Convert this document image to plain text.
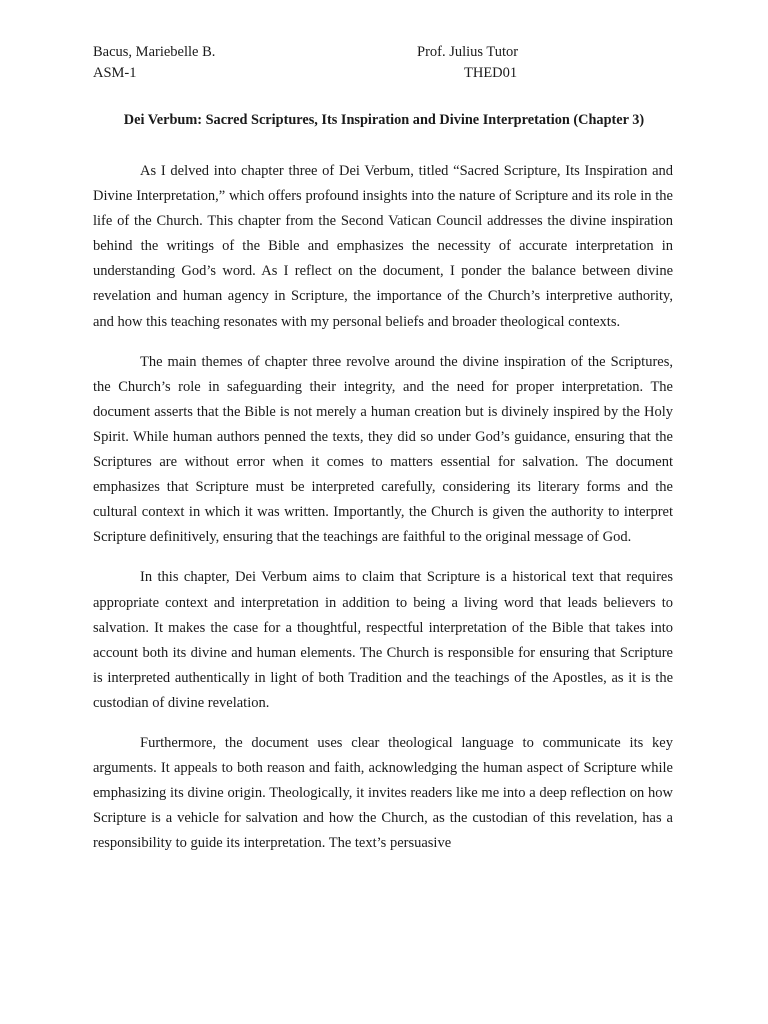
Bacus, Mariebelle B.
ASM-1
Prof. Julius Tutor
THED01
Dei Verbum: Sacred Scriptures, Its Inspiration and Divine Interpretation (Chapter 3)

As I delved into chapter three of Dei Verbum, titled “Sacred Scripture, Its Inspiration and Divine Interpretation,” which offers profound insights into the nature of Scripture and its role in the life of the Church. This chapter from the Second Vatican Council addresses the divine inspiration behind the writings of the Bible and emphasizes the necessity of accurate interpretation in understanding God’s word. As I reflect on the document, I ponder the balance between divine revelation and human agency in Scripture, the importance of the Church’s interpretive authority, and how this teaching resonates with my personal beliefs and broader theological contexts.

The main themes of chapter three revolve around the divine inspiration of the Scriptures, the Church’s role in safeguarding their integrity, and the need for proper interpretation. The document asserts that the Bible is not merely a human creation but is divinely inspired by the Holy Spirit. While human authors penned the texts, they did so under God’s guidance, ensuring that the Scriptures are without error when it comes to matters essential for salvation. The document emphasizes that Scripture must be interpreted carefully, considering its literary forms and the cultural context in which it was written. Importantly, the Church is given the authority to interpret Scripture definitively, ensuring that the teachings are faithful to the original message of God.

In this chapter, Dei Verbum aims to claim that Scripture is a historical text that requires appropriate context and interpretation in addition to being a living word that leads believers to salvation. It makes the case for a thoughtful, respectful interpretation of the Bible that takes into account both its divine and human elements. The Church is responsible for ensuring that Scripture is interpreted authentically in light of both Tradition and the teachings of the Apostles, as it is the custodian of divine revelation.

Furthermore, the document uses clear theological language to communicate its key arguments. It appeals to both reason and faith, acknowledging the human aspect of Scripture while emphasizing its divine origin. Theologically, it invites readers like me into a deep reflection on how Scripture is a vehicle for salvation and how the Church, as the custodian of this revelation, has a responsibility to guide its interpretation. The text’s persuasive
